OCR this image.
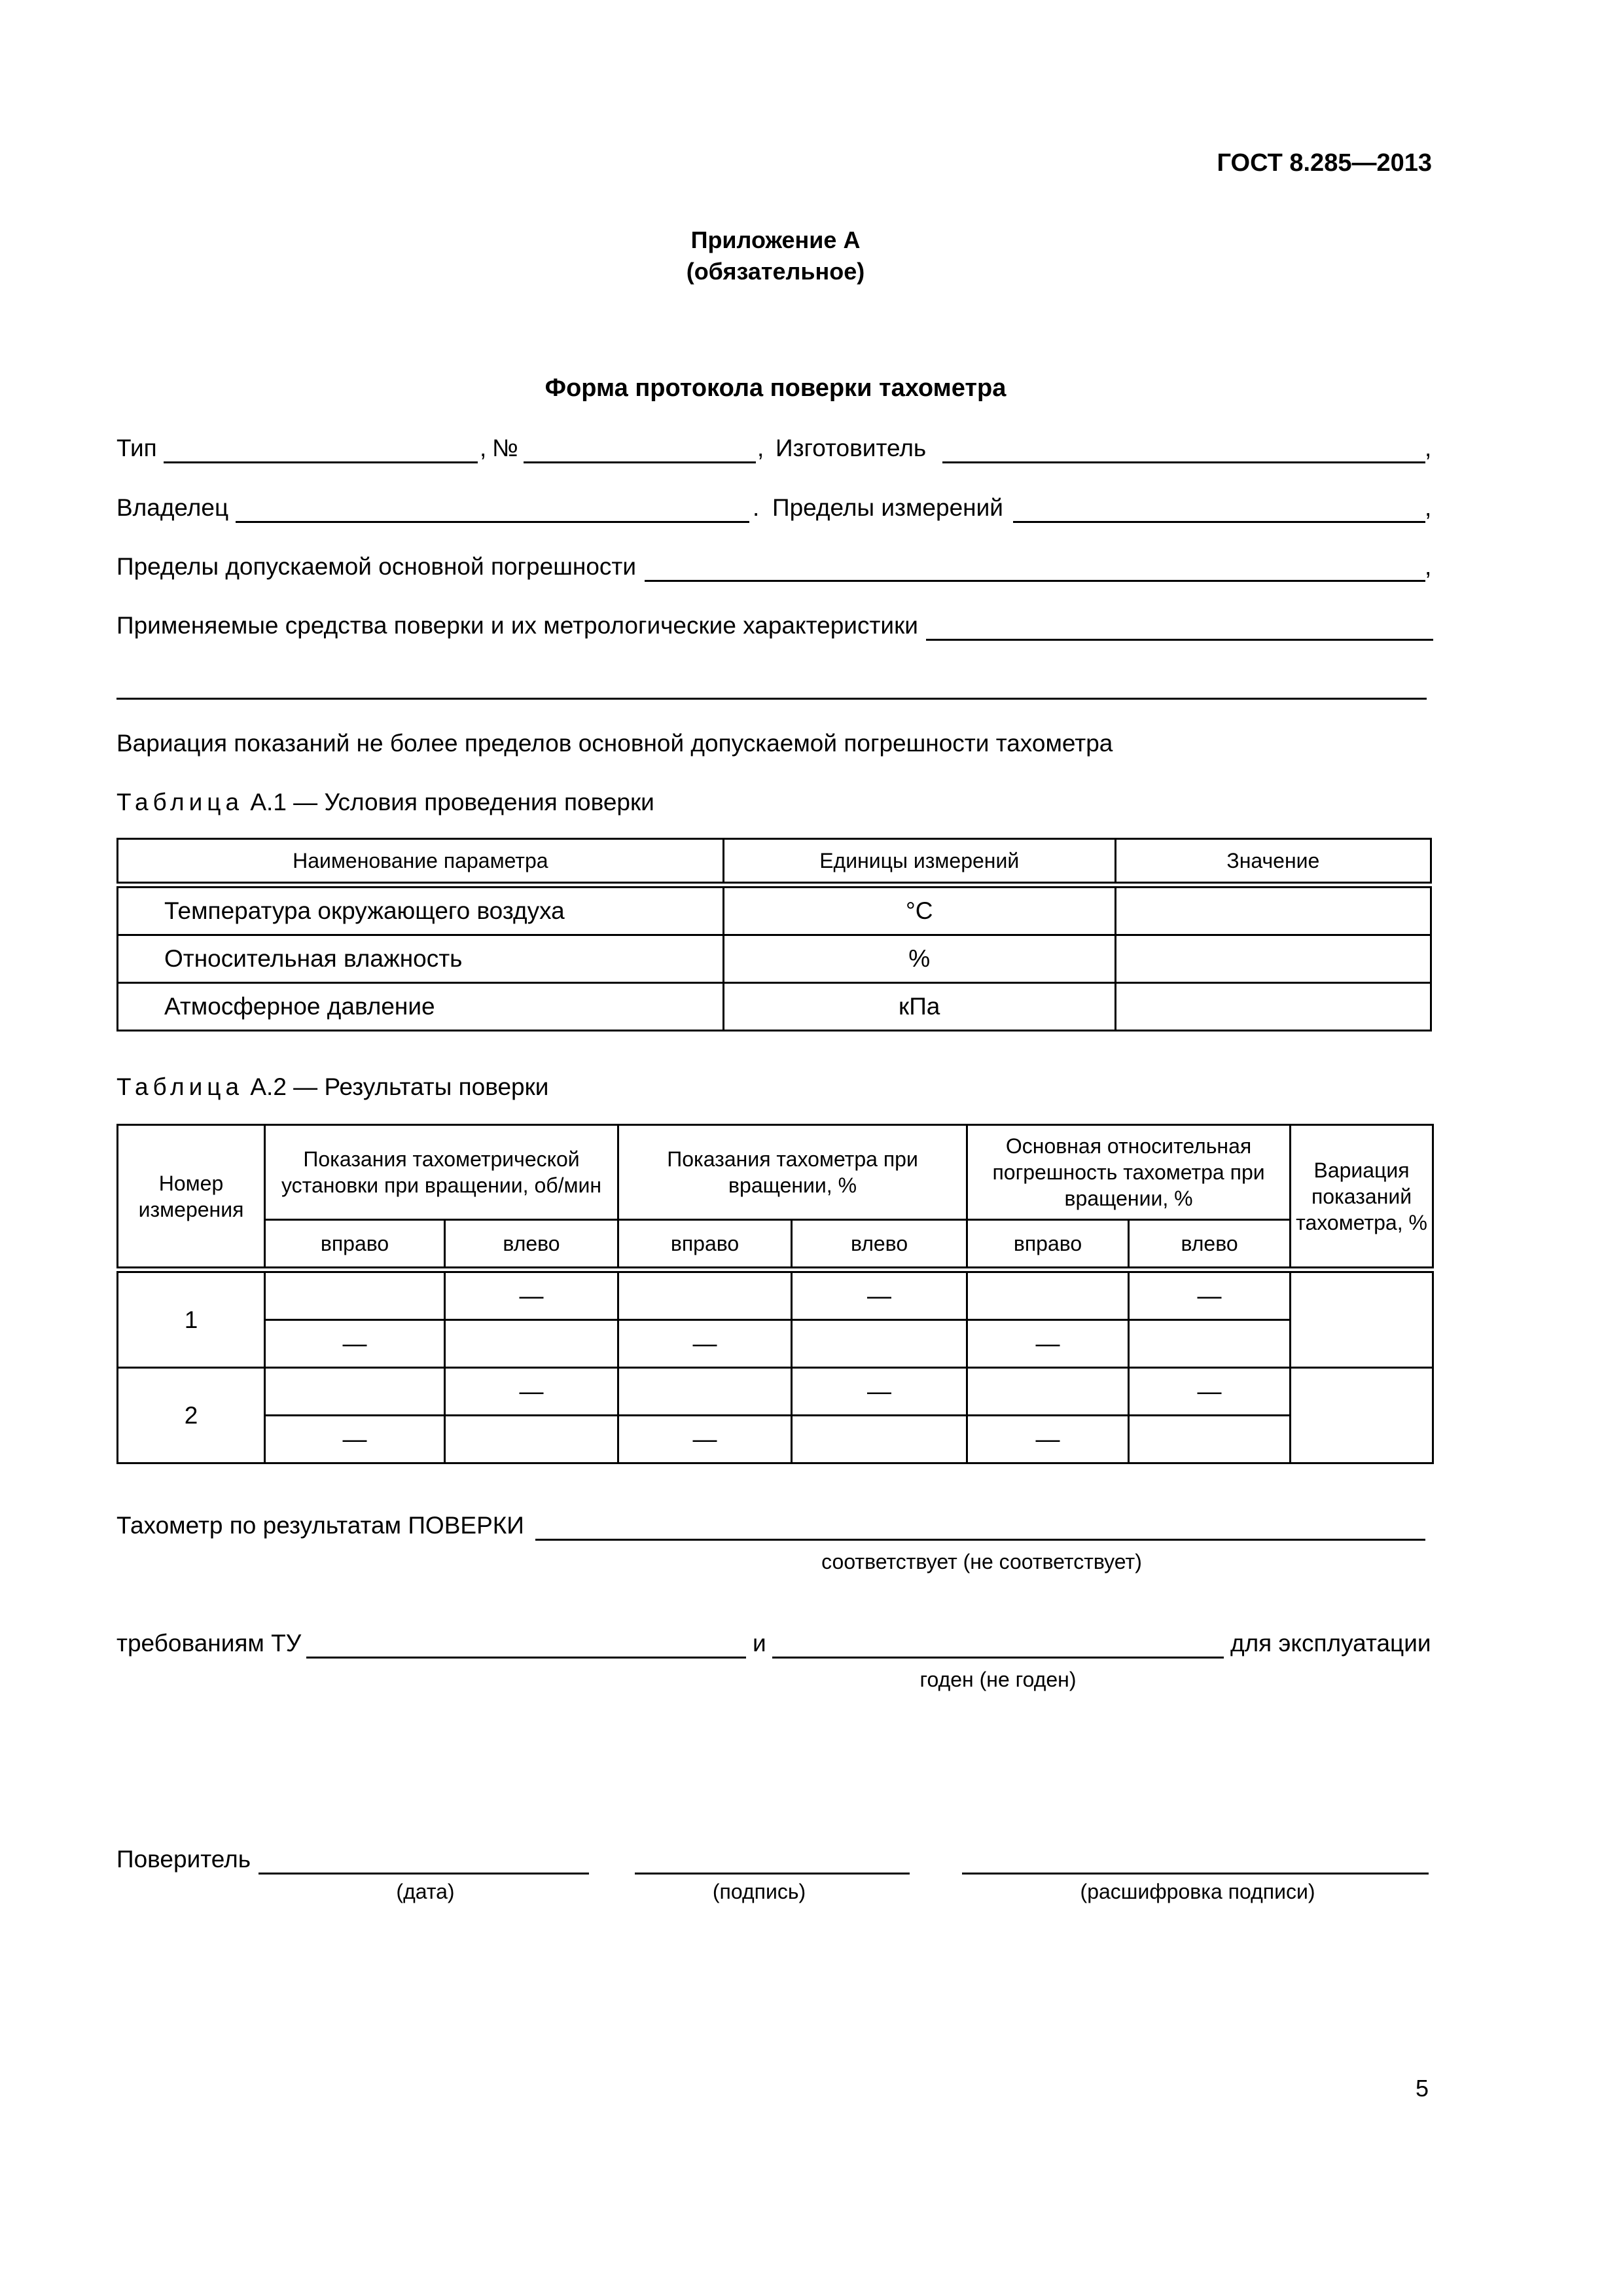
ГОСТ 8.285—2013
Приложение А
(обязательное)
Форма протокола поверки тахометра
Тип	, №	, Изготовитель	,
Владелец	. Пределы измерений	,
Пределы допускаемой основной погрешности	,
Применяемые средства поверки и их метрологические характеристики
Вариация показаний не более пределов основной допускаемой погрешности тахометра
Таблица А.1 — Условия проведения поверки
Наименование параметра	Единицы измерений	Значение
Температура окружающего воздуха	°С	
Относительная влажность	%	
Атмосферное давление	кПа	
Таблица А.2 — Результаты поверки
Номер измерения	Показания тахометрической установки при вращении, об/мин		Показания тахометра при вращении, %		Основная относительная погрешность тахометра при вращении, %		Вариация показаний тахометра, %
	вправо	влево	вправо	влево	вправо	влево	
1		—		—		—	
	—		—		—		
2		—		—		—	
	—		—		—		
Тахометр по результатам ПОВЕРКИ
соответствует (не соответствует)
требованиям ТУ	и	для эксплуатации
годен (не годен)
Поверитель
(дата)	(подпись)	(расшифровка подписи)
5
